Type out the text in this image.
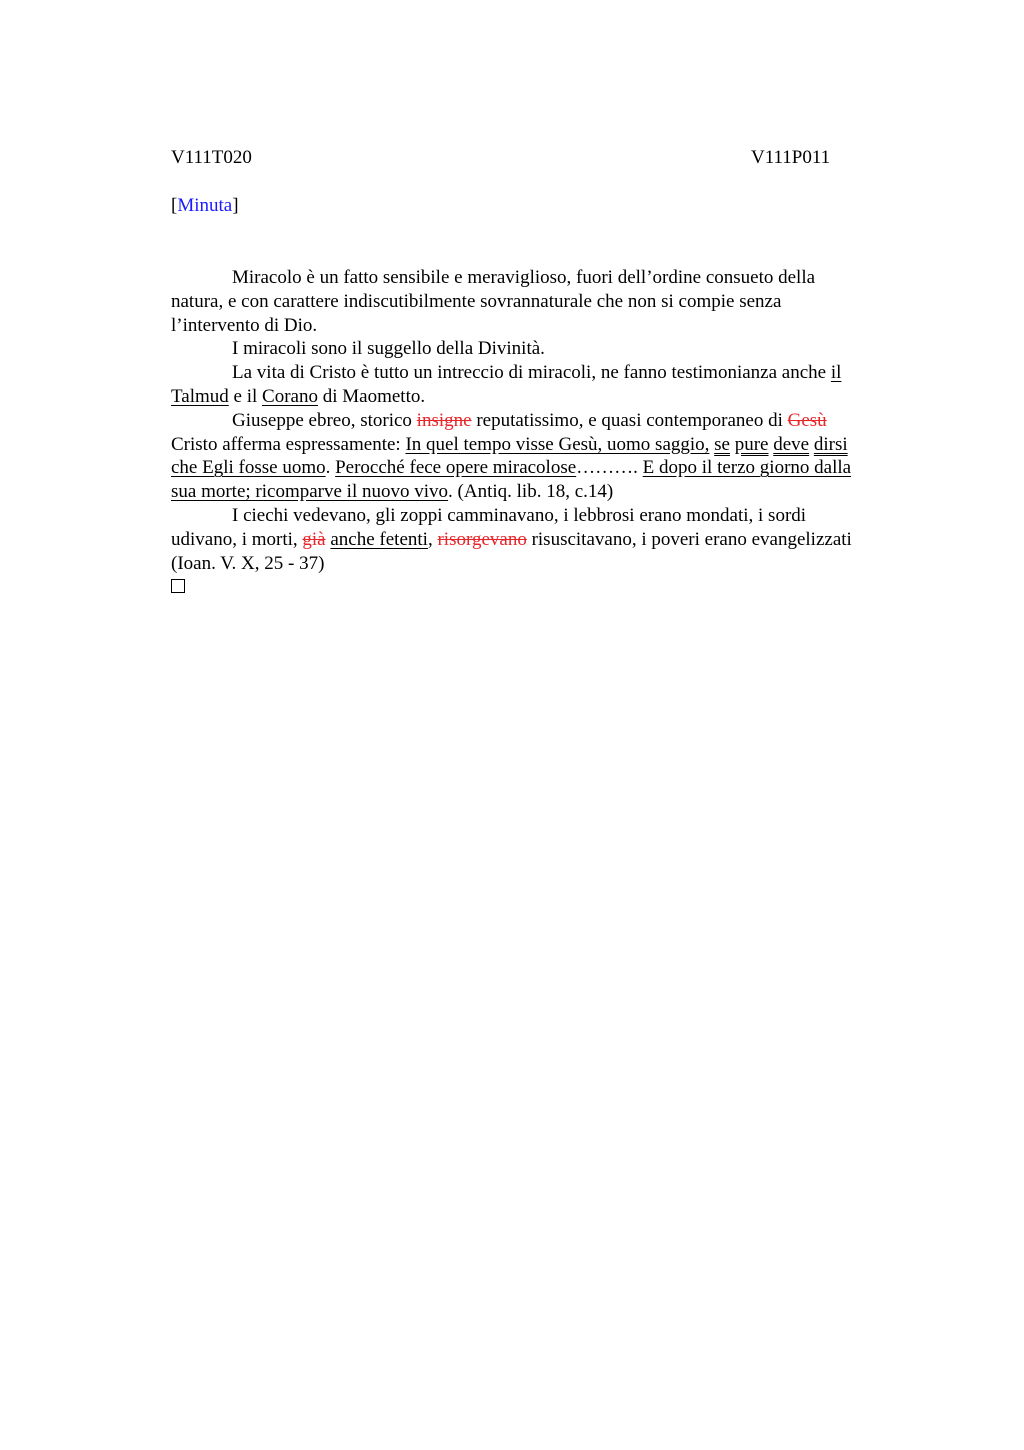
V111T020	V111P011
[Minuta]

Miracolo è un fatto sensibile e meraviglioso, fuori dell’ordine consueto della
natura, e con carattere indiscutibilmente sovrannaturale che non si compie senza
l’intervento di Dio.

I miracoli sono il suggello della Divinità.

La vita di Cristo è tutto un intreccio di miracoli, ne fanno testimonianza anche il
Talmud e il Corano di Maometto.

Giuseppe ebreo, storico insigne reputatissimo, e quasi contemporaneo di Gesù
Cristo afferma espressamente: In quel tempo visse Gesù, uomo saggio, se pure deve dirsi
che Egli fosse uomo. Perocché fece opere miracolose………. E dopo il terzo giorno dalla
sua morte; ricomparve il nuovo vivo. (Antiq. lib. 18, c.14)

I ciechi vedevano, gli zoppi camminavano, i lebbrosi erano mondati, i sordi
udivano, i morti, già anche fetenti, risorgevano risuscitavano, i poveri erano evangelizzati
(Ioan. V. X, 25 - 37)
